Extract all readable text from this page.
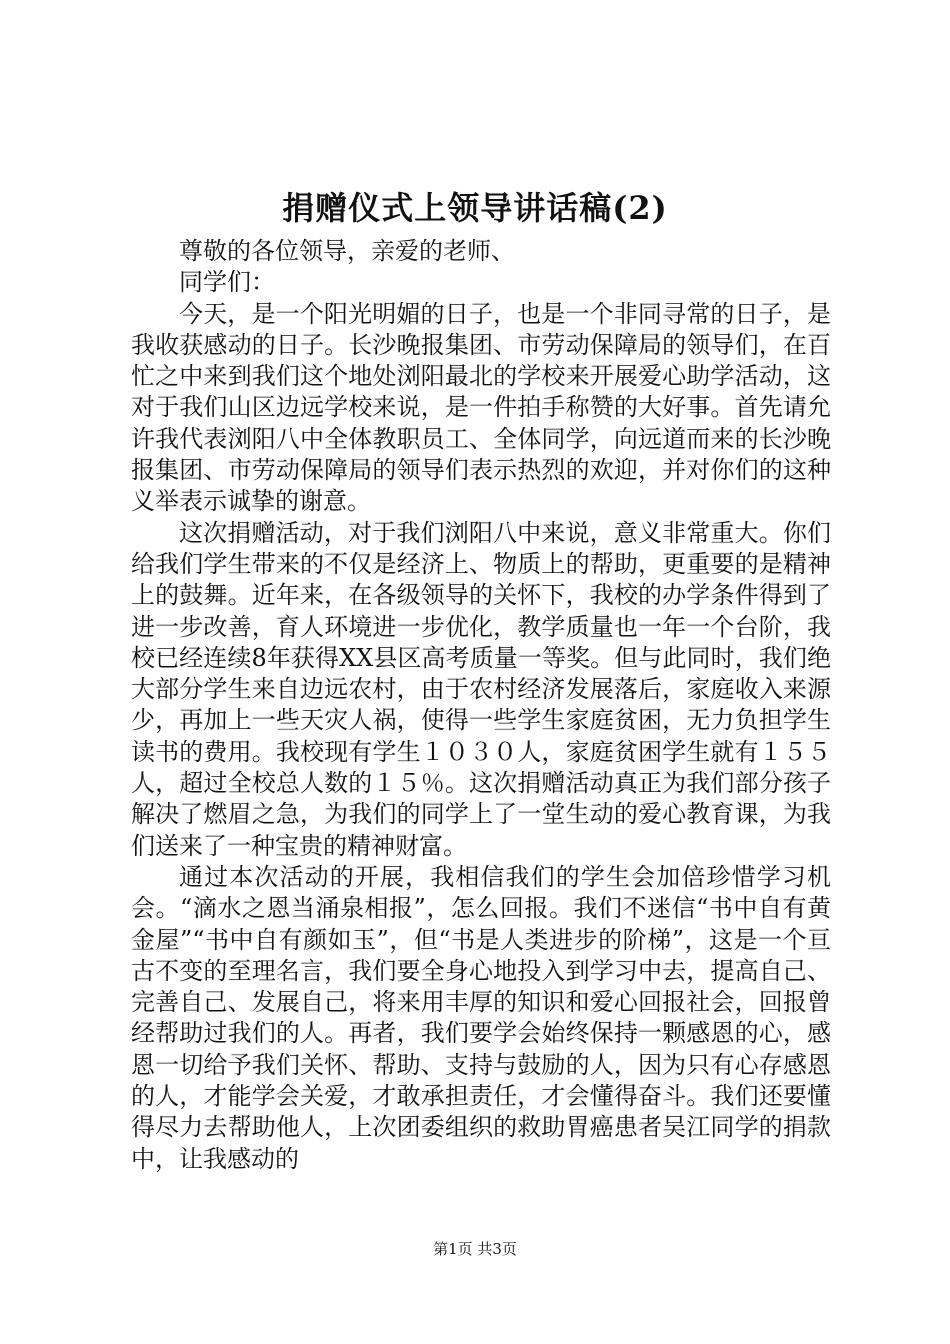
捐赠仪式上领导讲话稿(2)

尊敬的各位领导，亲爱的老师、

同学们：

今天，是一个阳光明媚的日子，也是一个非同寻常的日子，是我收获感动的日子。长沙晚报集团、市劳动保障局的领导们，在百忙之中来到我们这个地处浏阳最北的学校来开展爱心助学活动，这对于我们山区边远学校来说，是一件拍手称赞的大好事。首先请允许我代表浏阳八中全体教职员工、全体同学，向远道而来的长沙晚报集团、市劳动保障局的领导们表示热烈的欢迎，并对你们的这种义举表示诚挚的谢意。

这次捐赠活动，对于我们浏阳八中来说，意义非常重大。你们给我们学生带来的不仅是经济上、物质上的帮助，更重要的是精神上的鼓舞。近年来，在各级领导的关怀下，我校的办学条件得到了进一步改善，育人环境进一步优化，教学质量也一年一个台阶，我校已经连续8年获得XX县区高考质量一等奖。但与此同时，我们绝大部分学生来自边远农村，由于农村经济发展落后，家庭收入来源少，再加上一些天灾人祸，使得一些学生家庭贫困，无力负担学生读书的费用。我校现有学生１０３０人，家庭贫困学生就有１５５人，超过全校总人数的１５％。这次捐赠活动真正为我们部分孩子解决了燃眉之急，为我们的同学上了一堂生动的爱心教育课，为我们送来了一种宝贵的精神财富。

通过本次活动的开展，我相信我们的学生会加倍珍惜学习机会。“滴水之恩当涌泉相报”，怎么回报。我们不迷信“书中自有黄金屋”“书中自有颜如玉”，但“书是人类进步的阶梯”，这是一个亘古不变的至理名言，我们要全身心地投入到学习中去，提高自己、完善自己、发展自己，将来用丰厚的知识和爱心回报社会，回报曾经帮助过我们的人。再者，我们要学会始终保持一颗感恩的心，感恩一切给予我们关怀、帮助、支持与鼓励的人，因为只有心存感恩的人，才能学会关爱，才敢承担责任，才会懂得奋斗。我们还要懂得尽力去帮助他人，上次团委组织的救助胃癌患者吴江同学的捐款中，让我感动的

第1页 共3页
